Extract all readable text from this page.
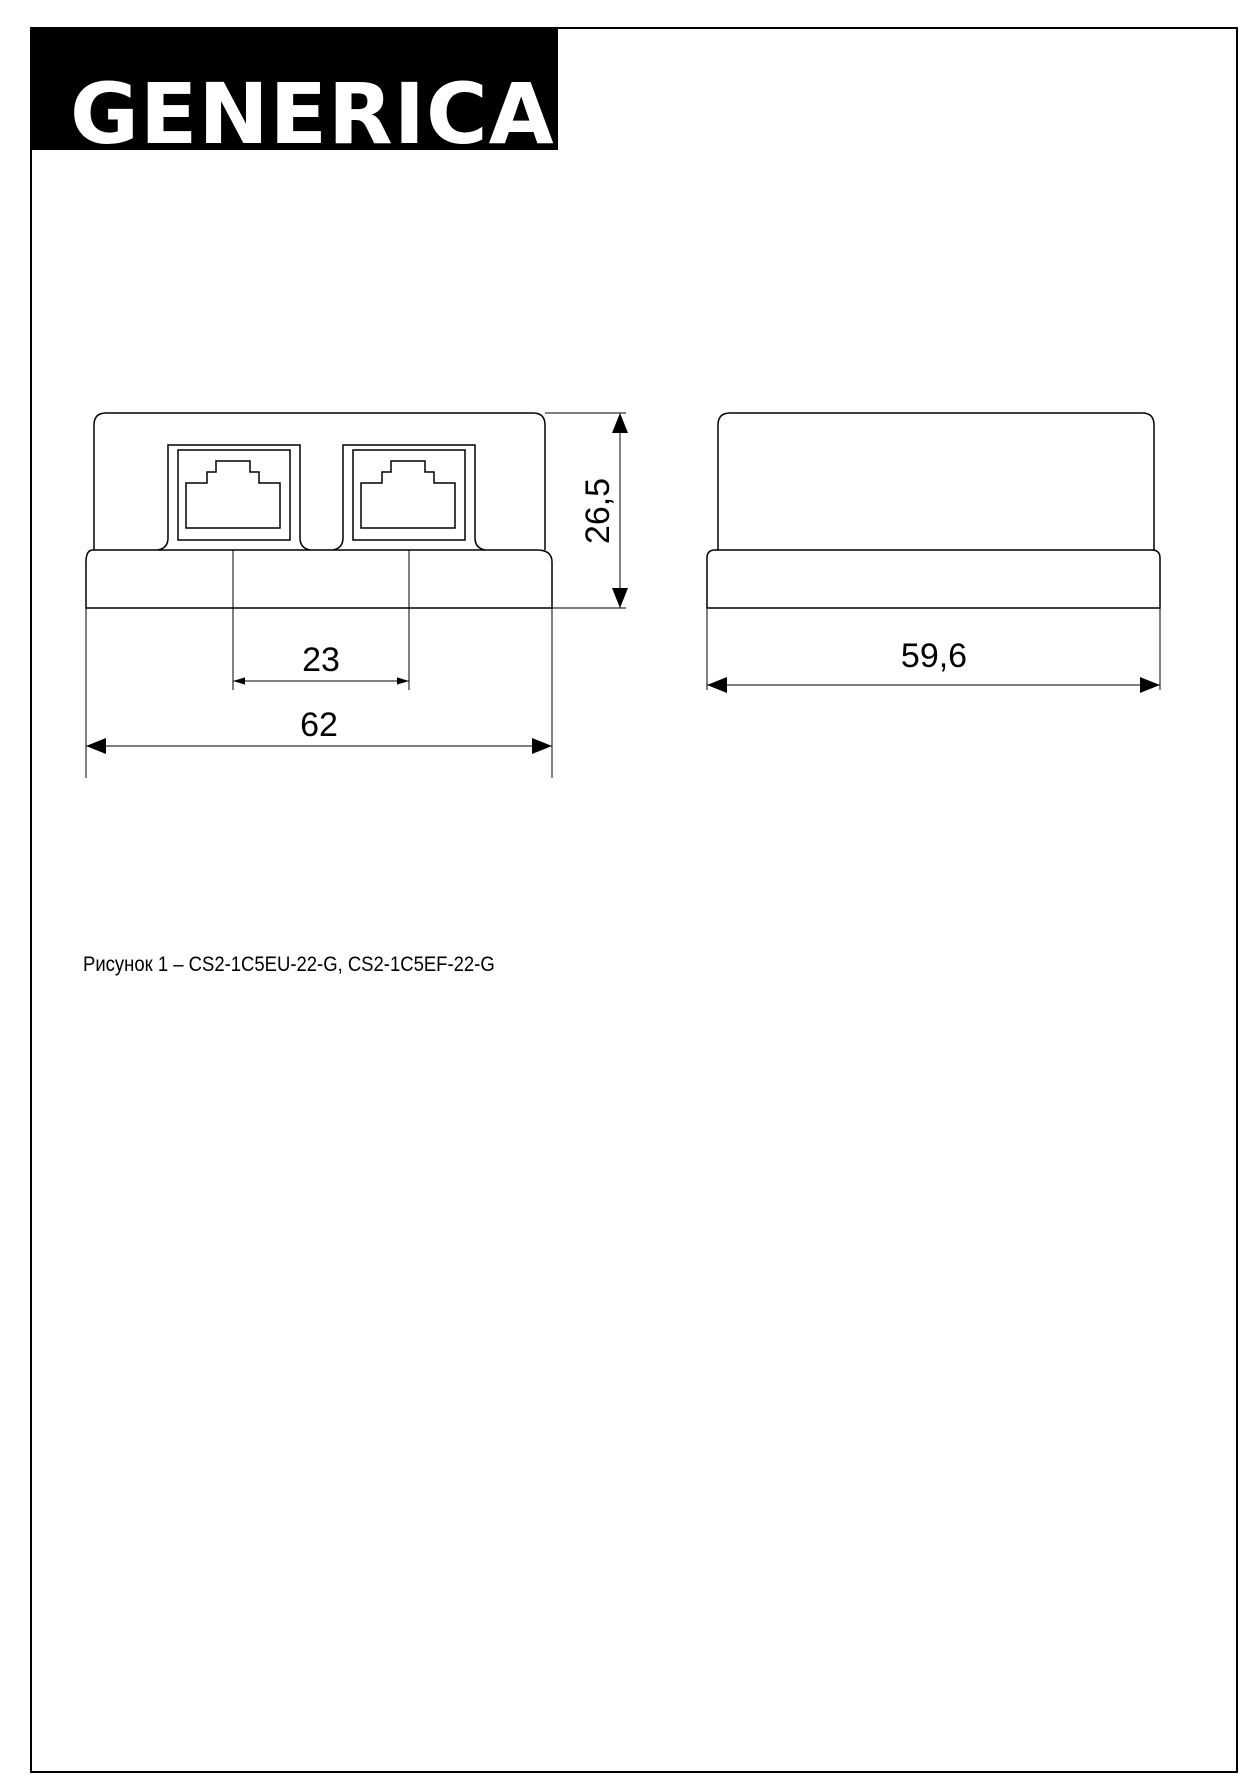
GENERICA
23
62
26,5
59,6
Рисунок 1 – CS2-1C5EU-22-G, CS2-1C5EF-22-G
